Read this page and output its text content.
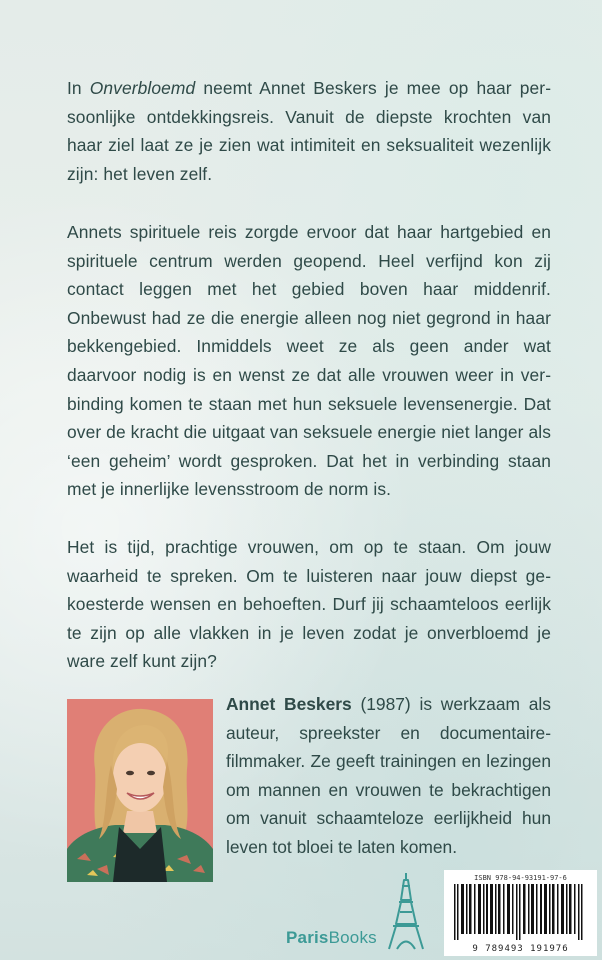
In Onverbloemd neemt Annet Beskers je mee op haar persoonlijke ontdekkingsreis. Vanuit de diepste krochten van haar ziel laat ze je zien wat intimiteit en seksualiteit wezenlijk zijn: het leven zelf.

Annets spirituele reis zorgde ervoor dat haar hartgebied en spirituele centrum werden geopend. Heel verfijnd kon zij contact leggen met het gebied boven haar middenrif. Onbewust had ze die energie alleen nog niet gegrond in haar bekkengebied. Inmiddels weet ze als geen ander wat daarvoor nodig is en wenst ze dat alle vrouwen weer in verbinding komen te staan met hun seksuele levensenergie. Dat over de kracht die uitgaat van seksuele energie niet langer als ‘een geheim’ wordt gesproken. Dat het in verbinding staan met je innerlijke levensstroom de norm is.

Het is tijd, prachtige vrouwen, om op te staan. Om jouw waarheid te spreken. Om te luisteren naar jouw diepst gekoesterde wensen en behoeften. Durf jij schaamteloos eerlijk te zijn op alle vlakken in je leven zodat je onverbloemd je ware zelf kunt zijn?

Annet Beskers (1987) is werkzaam als auteur, spreekster en documentairefilmmaker. Ze geeft trainingen en lezingen om mannen en vrouwen te bekrachtigen om vanuit schaamteloze eerlijkheid hun leven tot bloei te laten komen.

ParisBooks
ISBN 978-94-93191-97-6
9 789493 191976
